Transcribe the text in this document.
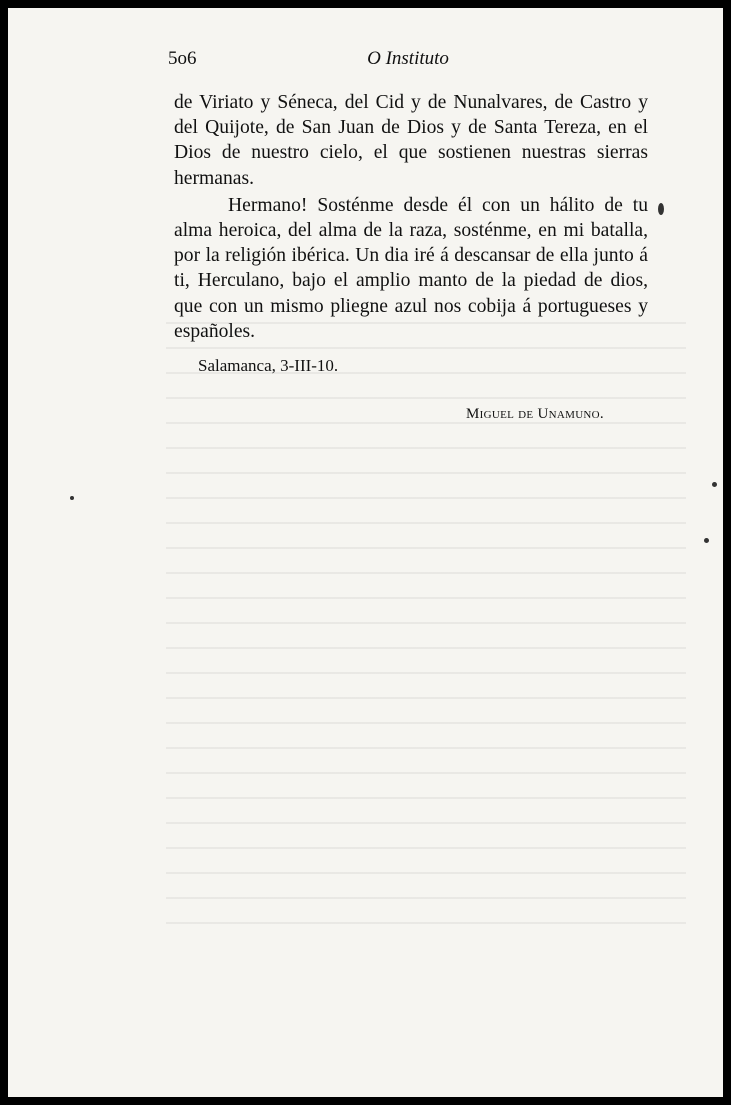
5o6	O Instituto

de Viriato y Séneca, del Cid y de Nunalvares, de Castro y del Quijote, de San Juan de Dios y de Santa Tereza, en el Dios de nuestro cielo, el que sostienen nuestras sierras hermanas.

Hermano! Sosténme desde él con un hálito de tu alma heroica, del alma de la raza, sosténme, en mi batalla, por la religión ibérica. Un dia iré á descansar de ella junto á ti, Herculano, bajo el amplio manto de la piedad de dios, que con un mismo pliegne azul nos cobija á portugueses y españoles.

Salamanca, 3-III-10.
Miguel de Unamuno.
